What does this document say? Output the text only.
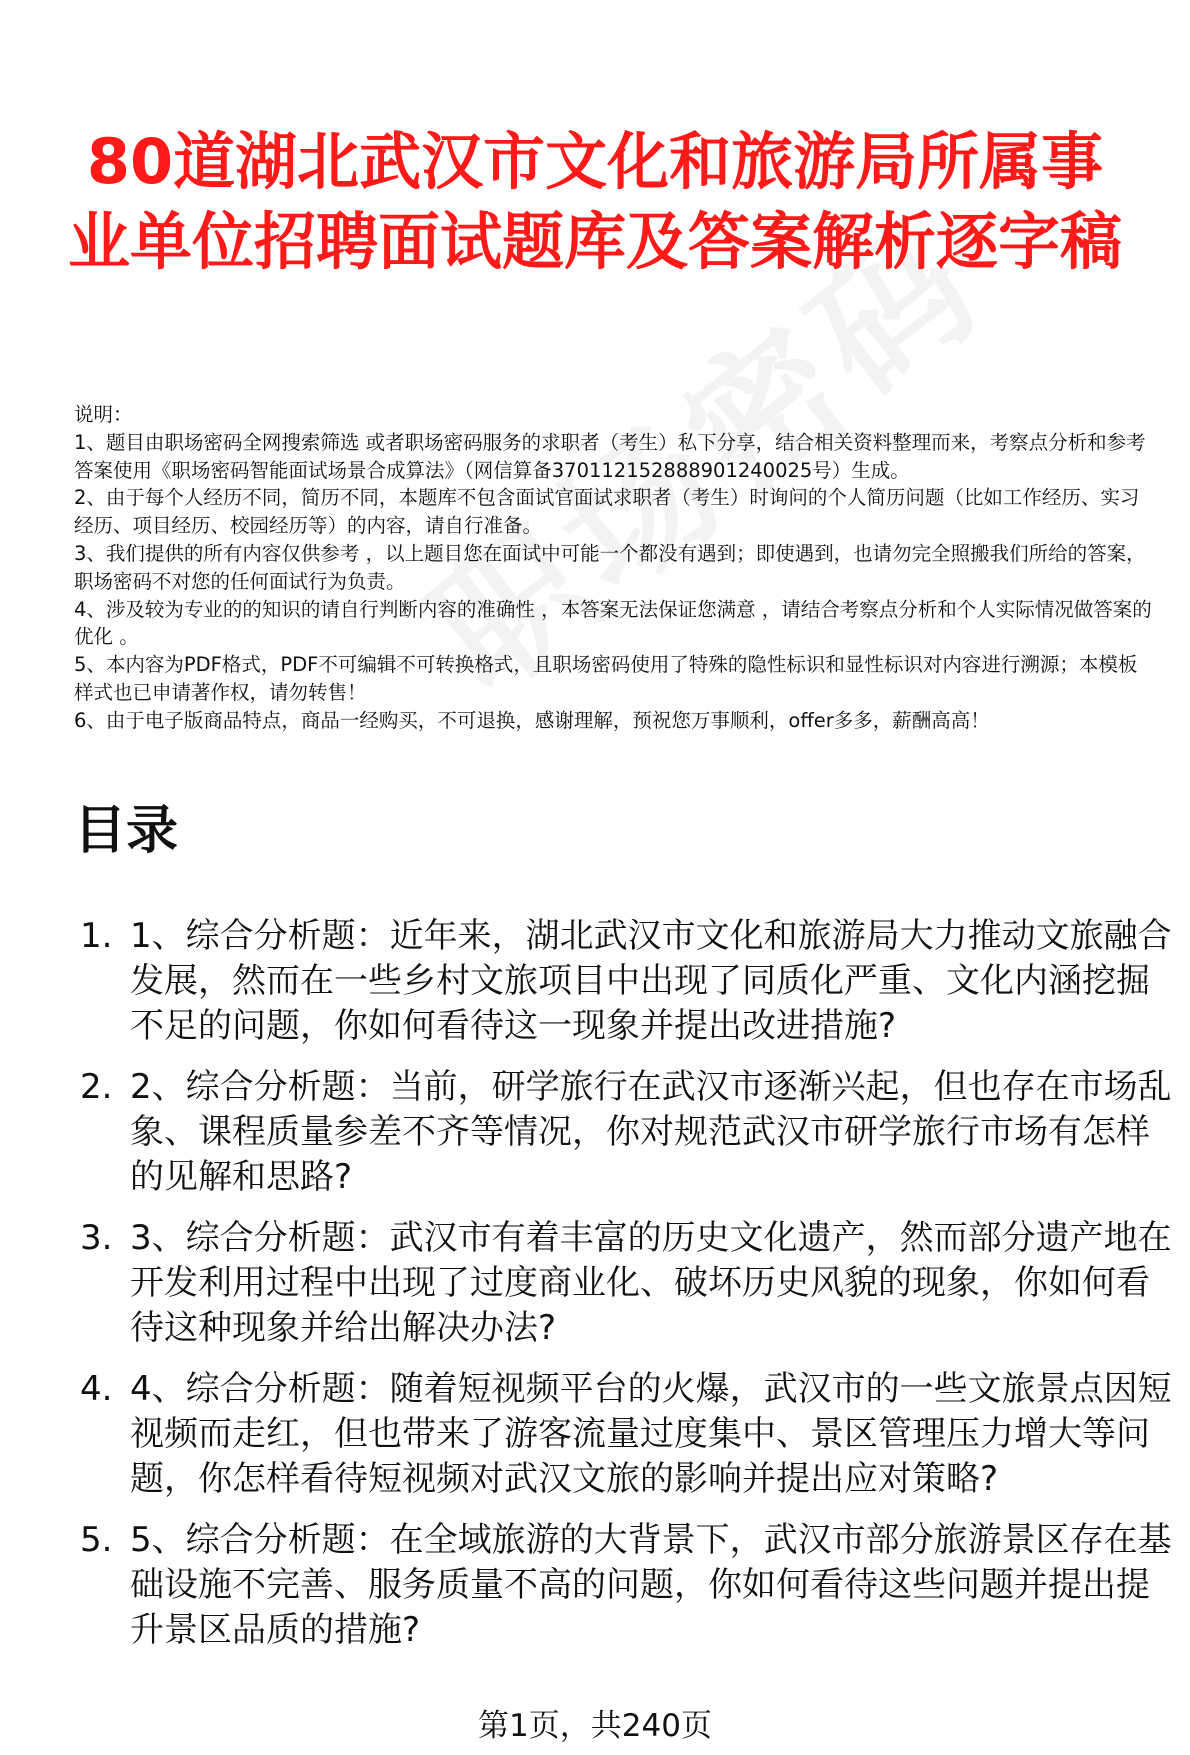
80道湖北武汉市文化和旅游局所属事业单位招聘面试题库及答案解析逐字稿

说明：

1、题目由职场密码全网搜索筛选 或者职场密码服务的求职者（考生）私下分享，结合相关资料整理而来，考察点分析和参考答案使用《职场密码智能面试场景合成算法》（网信算备370112152888901240025号）生成。

2、由于每个人经历不同，简历不同，本题库不包含面试官面试求职者（考生）时询问的个人简历问题（比如工作经历、实习经历、项目经历、校园经历等）的内容，请自行准备。

3、我们提供的所有内容仅供参考 ，以上题目您在面试中可能一个都没有遇到；即使遇到，也请勿完全照搬我们所给的答案，职场密码不对您的任何面试行为负责。

4、涉及较为专业的的知识的请自行判断内容的准确性 ，本答案无法保证您满意 ，请结合考察点分析和个人实际情况做答案的优化 。

5、本内容为PDF格式，PDF不可编辑不可转换格式，且职场密码使用了特殊的隐性标识和显性标识对内容进行溯源；本模板样式也已申请著作权，请勿转售！

6、由于电子版商品特点，商品一经购买，不可退换，感谢理解，预祝您万事顺利，offer多多，薪酬高高！

目录
1. 1、综合分析题：近年来，湖北武汉市文化和旅游局大力推动文旅融合发展，然而在一些乡村文旅项目中出现了同质化严重、文化内涵挖掘不足的问题，你如何看待这一现象并提出改进措施?
2. 2、综合分析题：当前，研学旅行在武汉市逐渐兴起，但也存在市场乱象、课程质量参差不齐等情况，你对规范武汉市研学旅行市场有怎样的见解和思路?
3. 3、综合分析题：武汉市有着丰富的历史文化遗产，然而部分遗产地在开发利用过程中出现了过度商业化、破坏历史风貌的现象，你如何看待这种现象并给出解决办法?
4. 4、综合分析题：随着短视频平台的火爆，武汉市的一些文旅景点因短视频而走红，但也带来了游客流量过度集中、景区管理压力增大等问题，你怎样看待短视频对武汉文旅的影响并提出应对策略?
5. 5、综合分析题：在全域旅游的大背景下，武汉市部分旅游景区存在基础设施不完善、服务质量不高的问题，你如何看待这些问题并提出提升景区品质的措施?
第1页，共240页
